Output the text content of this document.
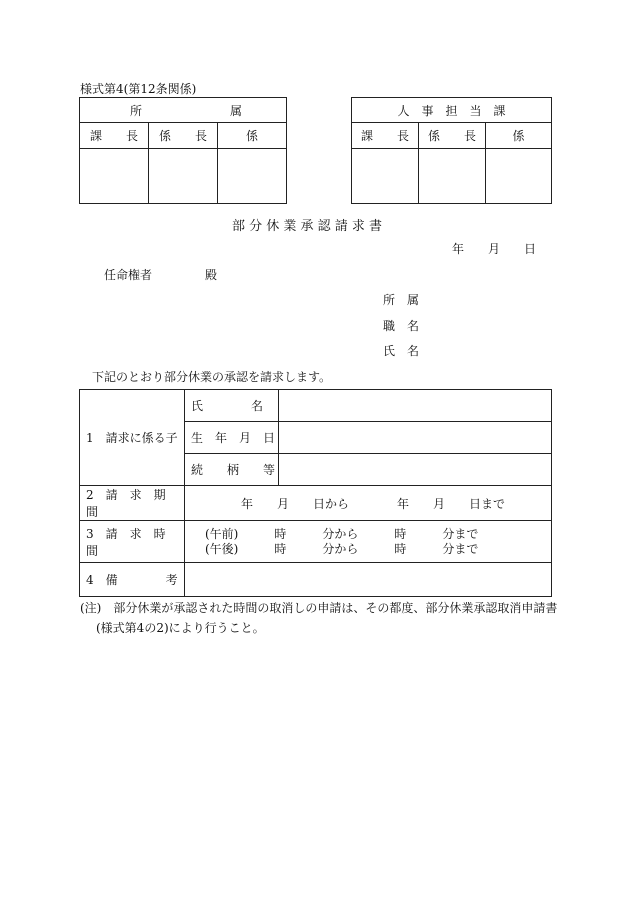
様式第4(第12条関係)
所 属		

課　　長	係　　長	係

人　事　担　当　課		
課　　長	係　　長	係

部 分 休 業 承 認 請 求 書
年　　月　　日
任命権者	殿
所　属
職　名
氏　名
下記のとおり部分休業の承認を請求します。
1　請求に係る子	氏　　　　名	
	生　年　月　日	
	続　　柄　　等	
2　請　求　期　間	年　　月　　日から　　　　年　　月　　日まで	
3　請　求　時　間	(午前)　　　時　　　分から　　　時　　　分まで
(午後)　　　時　　　分から　　　時　　　分まで	

4　備　　　　考		
(注)　部分休業が承認された時間の取消しの申請は、その都度、部分休業承認取消申請書
(様式第4の2)により行うこと。
